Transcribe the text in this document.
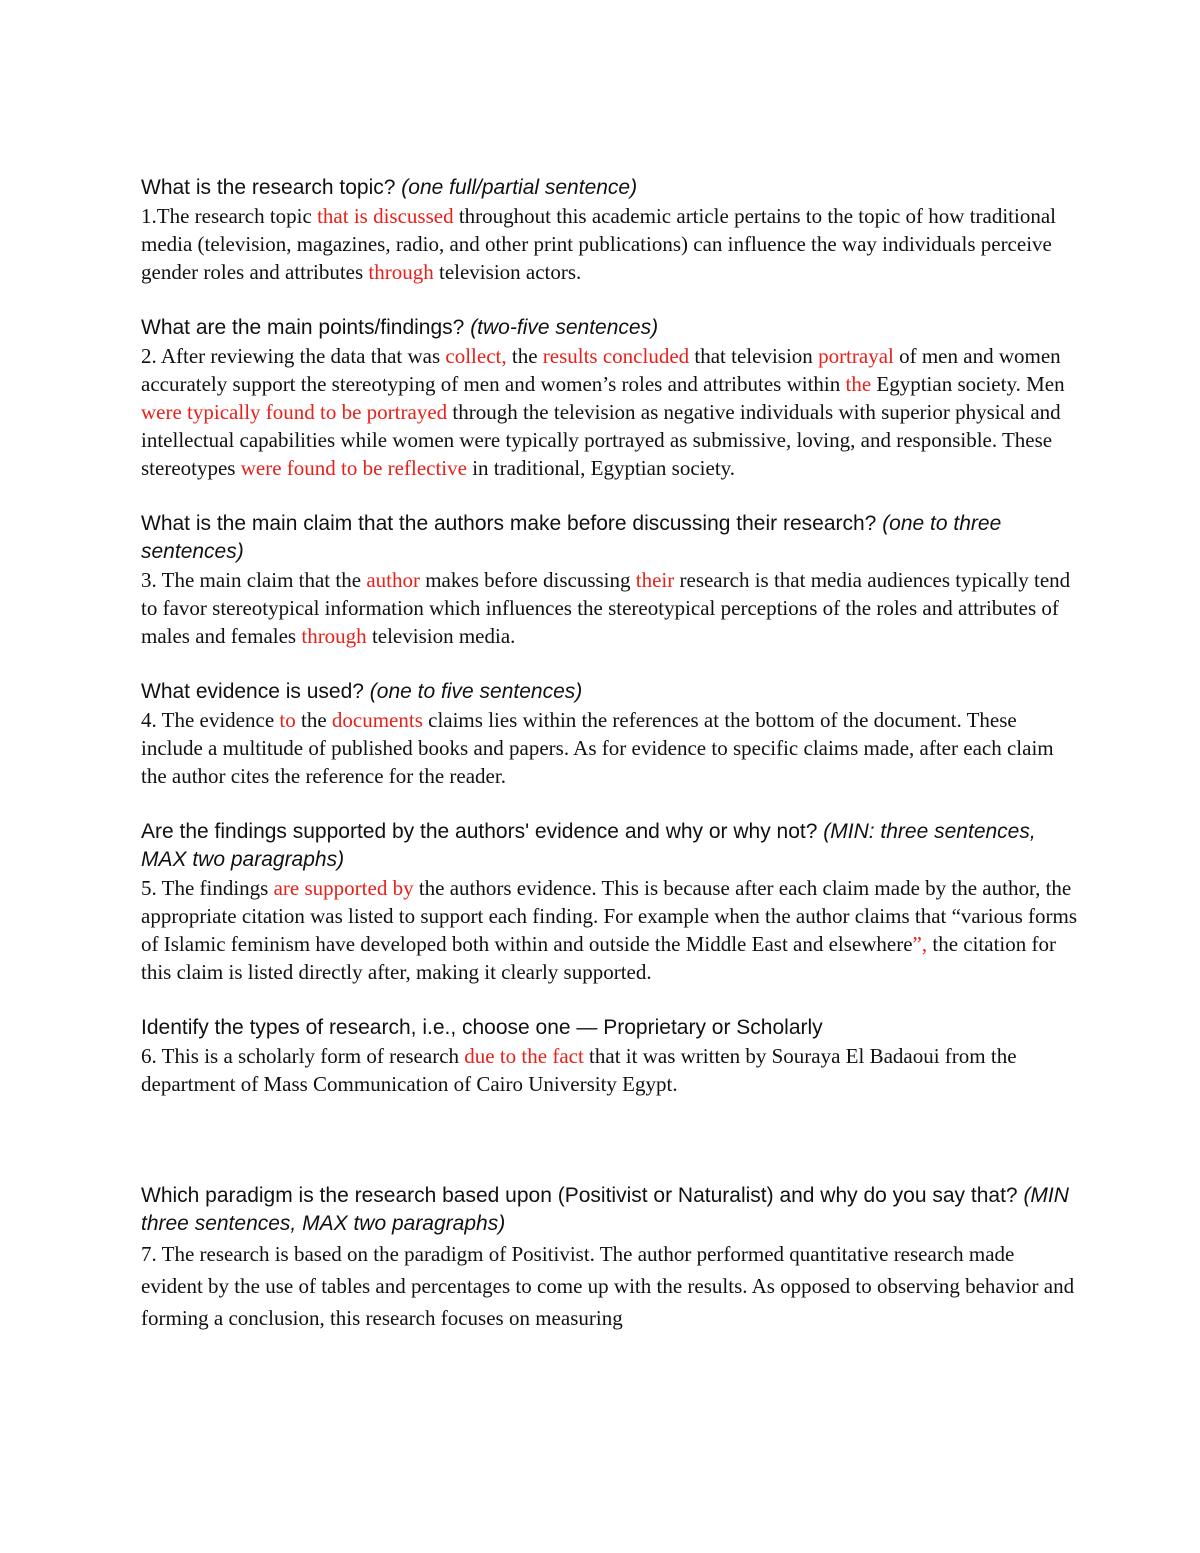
What is the research topic? (one full/partial sentence)
1.The research topic that is discussed throughout this academic article pertains to the topic of how traditional media (television, magazines, radio, and other print publications) can influence the way individuals perceive gender roles and attributes through television actors.
What are the main points/findings? (two-five sentences)
2. After reviewing the data that was collect, the results concluded that television portrayal of men and women accurately support the stereotyping of men and women’s roles and attributes within the Egyptian society. Men were typically found to be portrayed through the television as negative individuals with superior physical and intellectual capabilities while women were typically portrayed as submissive, loving, and responsible. These stereotypes were found to be reflective in traditional, Egyptian society.
What is the main claim that the authors make before discussing their research? (one to three sentences)
3. The main claim that the author makes before discussing their research is that media audiences typically tend to favor stereotypical information which influences the stereotypical perceptions of the roles and attributes of males and females through television media.
What evidence is used? (one to five sentences)
4. The evidence to the documents claims lies within the references at the bottom of the document. These include a multitude of published books and papers. As for evidence to specific claims made, after each claim the author cites the reference for the reader.
Are the findings supported by the authors' evidence and why or why not? (MIN: three sentences, MAX two paragraphs)
5. The findings are supported by the authors evidence. This is because after each claim made by the author, the appropriate citation was listed to support each finding. For example when the author claims that “various forms of Islamic feminism have developed both within and outside the Middle East and elsewhere”, the citation for this claim is listed directly after, making it clearly supported.
Identify the types of research, i.e., choose one — Proprietary or Scholarly
6. This is a scholarly form of research due to the fact that it was written by Souraya El Badaoui from the department of Mass Communication of Cairo University Egypt.
Which paradigm is the research based upon (Positivist or Naturalist) and why do you say that? (MIN three sentences, MAX two paragraphs)
7. The research is based on the paradigm of Positivist. The author performed quantitative research made evident by the use of tables and percentages to come up with the results. As opposed to observing behavior and forming a conclusion, this research focuses on measuring
